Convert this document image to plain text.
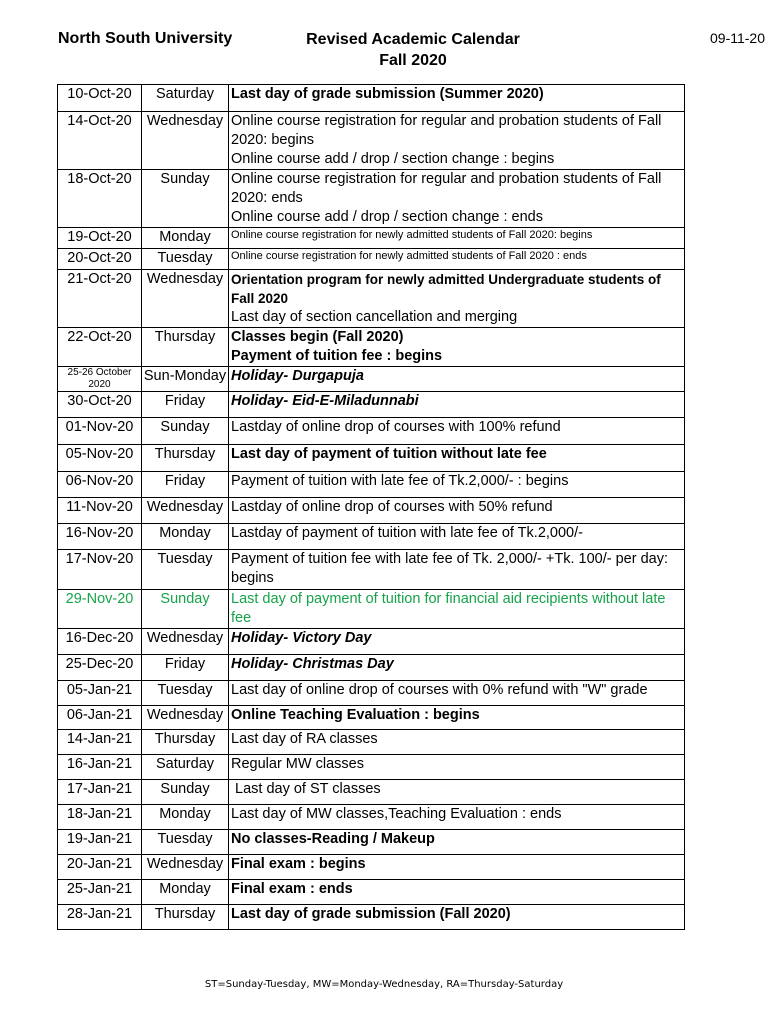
North South University	Revised Academic Calendar
Fall 2020
09-11-20
10-Oct-20	Saturday	Last day of grade submission (Summer 2020)

14-Oct-20	Wednesday	Online course registration for regular and probation students of Fall 2020: begins
Online course add / drop / section change : begins

18-Oct-20	Sunday	Online course registration for regular and probation students of Fall 2020: ends
Online course add / drop / section change : ends

19-Oct-20	Monday	Online course registration for newly admitted students of Fall 2020: begins

20-Oct-20	Tuesday	Online course registration for newly admitted students of Fall 2020 : ends

21-Oct-20	Wednesday	Orientation program for newly admitted Undergraduate students of Fall 2020
Last day of section cancellation and merging

22-Oct-20	Thursday	Classes begin (Fall 2020)
Payment of tuition fee : begins

25-26 October 2020	Sun-Monday	Holiday- Durgapuja

30-Oct-20	Friday	Holiday- Eid-E-Miladunnabi

01-Nov-20	Sunday	Lastday of online drop of courses with 100% refund

05-Nov-20	Thursday	Last day of payment of tuition without late fee

06-Nov-20	Friday	Payment of tuition with late fee of Tk.2,000/- : begins

11-Nov-20	Wednesday	Lastday of online drop of courses with 50% refund

16-Nov-20	Monday	Lastday of payment of tuition with late fee of Tk.2,000/-

17-Nov-20	Tuesday	Payment of tuition fee with late fee of Tk. 2,000/- +Tk. 100/- per day: begins

29-Nov-20	Sunday	Last day of payment of tuition for financial aid recipients without late fee

16-Dec-20	Wednesday	Holiday- Victory Day

25-Dec-20	Friday	Holiday- Christmas Day

05-Jan-21	Tuesday	Last day of online drop of courses with 0% refund with "W" grade

06-Jan-21	Wednesday	Online Teaching Evaluation : begins

14-Jan-21	Thursday	Last day of RA classes

16-Jan-21	Saturday	Regular MW classes

17-Jan-21	Sunday	Last day of ST classes

18-Jan-21	Monday	Last day of MW classes,Teaching Evaluation : ends

19-Jan-21	Tuesday	No classes-Reading / Makeup

20-Jan-21	Wednesday	Final exam : begins

25-Jan-21	Monday	Final exam : ends

28-Jan-21	Thursday	Last day of grade submission (Fall 2020)
ST=Sunday-Tuesday, MW=Monday-Wednesday, RA=Thursday-Saturday
